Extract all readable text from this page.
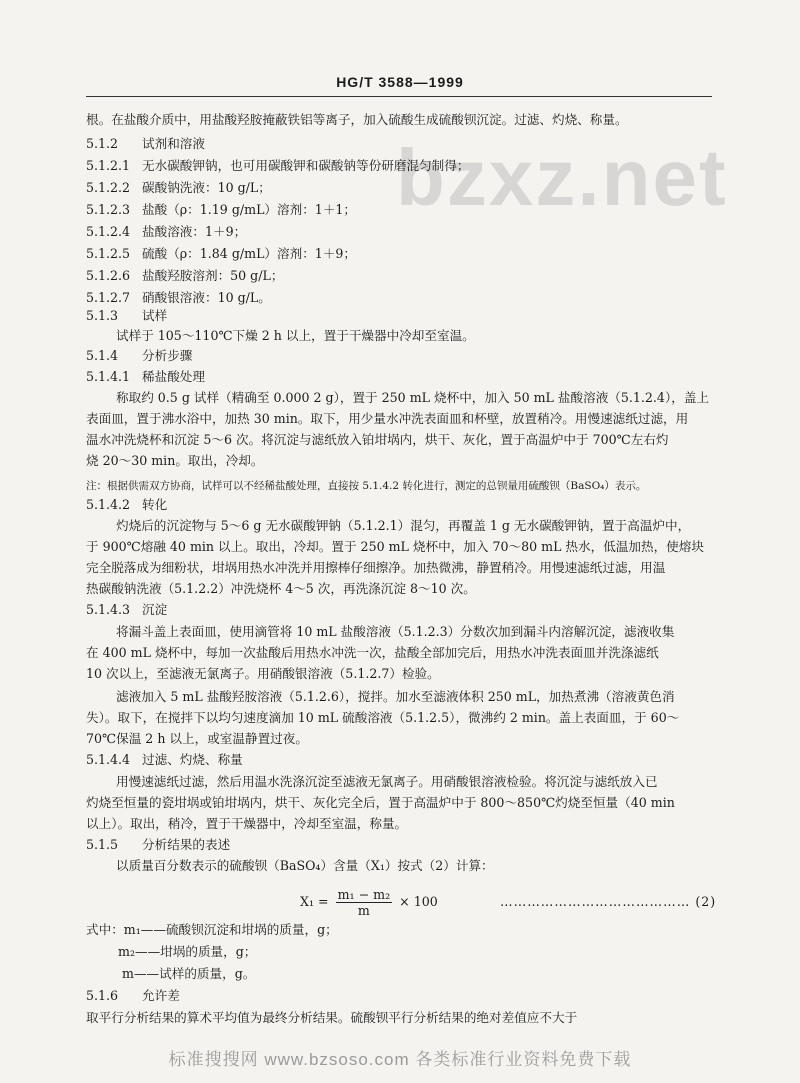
HG/T 3588—1999
bzxz.net
根。在盐酸介质中，用盐酸羟胺掩蔽铁铝等离子，加入硫酸生成硫酸钡沉淀。过滤、灼烧、称量。
5.1.2 试剂和溶液
5.1.2.1 无水碳酸钾钠，也可用碳酸钾和碳酸钠等份研磨混匀制得；
5.1.2.2 碳酸钠洗液：10 g/L；
5.1.2.3 盐酸（ρ：1.19 g/mL）溶剂：1＋1；
5.1.2.4 盐酸溶液：1＋9；
5.1.2.5 硫酸（ρ：1.84 g/mL）溶剂：1＋9；
5.1.2.6 盐酸羟胺溶剂：50 g/L；
5.1.2.7 硝酸银溶液：10 g/L。
5.1.3 试样
试样于 105～110℃下燥 2 h 以上，置于干燥器中冷却至室温。
5.1.4 分析步骤
5.1.4.1 稀盐酸处理
称取约 0.5 g 试样（精确至 0.000 2 g），置于 250 mL 烧杯中，加入 50 mL 盐酸溶液（5.1.2.4），盖上
表面皿，置于沸水浴中，加热 30 min。取下，用少量水冲洗表面皿和杯壁，放置稍冷。用慢速滤纸过滤，用
温水冲洗烧杯和沉淀 5～6 次。将沉淀与滤纸放入铂坩埚内，烘干、灰化，置于高温炉中于 700℃左右灼
烧 20～30 min。取出，冷却。
注：根据供需双方协商，试样可以不经稀盐酸处理，直接按 5.1.4.2 转化进行，测定的总钡量用硫酸钡（BaSO₄）表示。
5.1.4.2 转化
灼烧后的沉淀物与 5～6 g 无水碳酸钾钠（5.1.2.1）混匀，再覆盖 1 g 无水碳酸钾钠，置于高温炉中，
于 900℃熔融 40 min 以上。取出，冷却。置于 250 mL 烧杯中，加入 70～80 mL 热水，低温加热，使熔块
完全脱落成为细粉状，坩埚用热水冲洗并用擦棒仔细擦净。加热微沸，静置稍冷。用慢速滤纸过滤，用温
热碳酸钠洗液（5.1.2.2）冲洗烧杯 4～5 次，再洗涤沉淀 8～10 次。
5.1.4.3 沉淀
将漏斗盖上表面皿，使用滴管将 10 mL 盐酸溶液（5.1.2.3）分数次加到漏斗内溶解沉淀，滤液收集
在 400 mL 烧杯中，每加一次盐酸后用热水冲洗一次，盐酸全部加完后，用热水冲洗表面皿并洗涤滤纸
10 次以上，至滤液无氯离子。用硝酸银溶液（5.1.2.7）检验。
滤液加入 5 mL 盐酸羟胺溶液（5.1.2.6），搅拌。加水至滤液体积 250 mL，加热煮沸（溶液黄色消
失）。取下，在搅拌下以均匀速度滴加 10 mL 硫酸溶液（5.1.2.5），微沸约 2 min。盖上表面皿，于 60～
70℃保温 2 h 以上，或室温静置过夜。
5.1.4.4 过滤、灼烧、称量
用慢速滤纸过滤，然后用温水洗涤沉淀至滤液无氯离子。用硝酸银溶液检验。将沉淀与滤纸放入已
灼烧至恒量的瓷坩埚或铂坩埚内，烘干、灰化完全后，置于高温炉中于 800～850℃灼烧至恒量（40 min
以上）。取出，稍冷，置于干燥器中，冷却至室温，称量。
5.1.5 分析结果的表述
以质量百分数表示的硫酸钡（BaSO₄）含量（X₁）按式（2）计算：
$X_1 = \frac{\text{m₁ − m₂}}{m} \times 100$	…………………………………… (2)
式中：m₁——硫酸钡沉淀和坩埚的质量，g；
m₂——坩埚的质量，g；
m——试样的质量，g。
5.1.6 允许差
取平行分析结果的算术平均值为最终分析结果。硫酸钡平行分析结果的绝对差值应不大于
标准搜搜网 www.bzsoso.com 各类标准行业资料免费下载
